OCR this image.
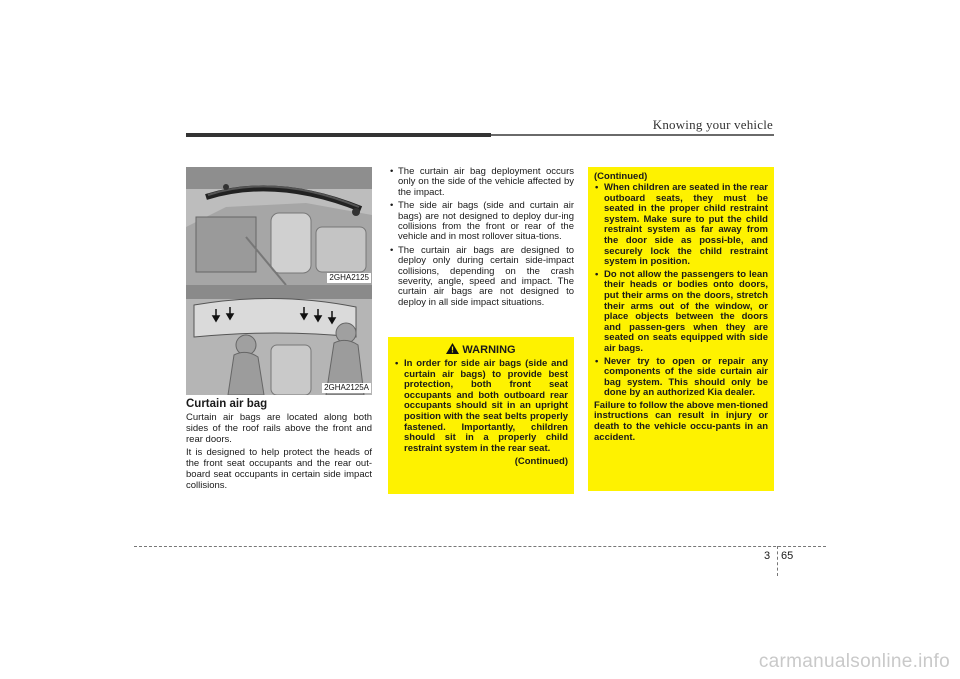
Knowing your vehicle
2GHA2125
2GHA2125A
Curtain air bag

Curtain air bags are located along both sides of the roof rails above the front and rear doors.

It is designed to help protect the heads of the front seat occupants and the rear out-board seat occupants in certain side impact collisions.

• The curtain air bag deployment occurs only on the side of the vehicle affected by the impact.
• The side air bags (side and curtain air bags) are not designed to deploy dur-ing collisions from the front or rear of the vehicle and in most rollover situa-tions.
• The curtain air bags are designed to deploy only during certain side-impact collisions, depending on the crash severity, angle, speed and impact. The curtain air bags are not designed to deploy in all side impact situations.
WARNING
• In order for side air bags (side and curtain air bags) to provide best protection, both front seat occupants and both outboard rear occupants should sit in an upright position with the seat belts properly fastened. Importantly, children should sit in a properly child restraint system in the rear seat.
(Continued)
(Continued)
• When children are seated in the rear outboard seats, they must be seated in the proper child restraint system. Make sure to put the child restraint system as far away from the door side as possi-ble, and securely lock the child restraint system in position.
• Do not allow the passengers to lean their heads or bodies onto doors, put their arms on the doors, stretch their arms out of the window, or place objects between the doors and passen-gers when they are seated on seats equipped with side air bags.
• Never try to open or repair any components of the side curtain air bag system. This should only be done by an authorized Kia dealer.
Failure to follow the above men-tioned instructions can result in injury or death to the vehicle occu-pants in an accident.
3 65
carmanualsonline.info
